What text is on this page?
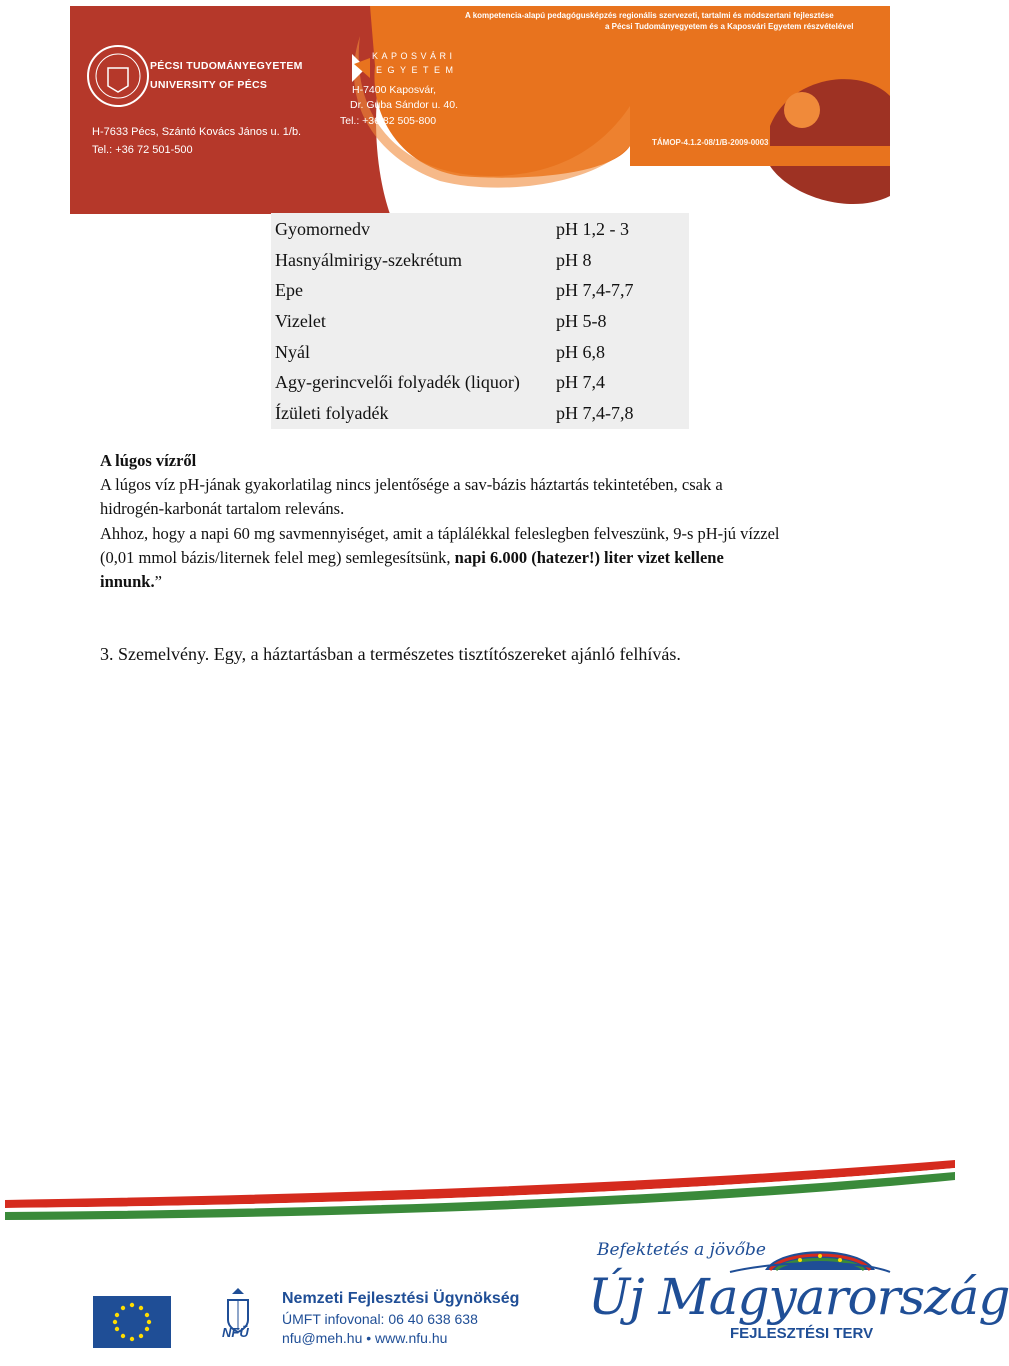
A kompetencia-alapú pedagógusképzés regionális szervezeti, tartalmi és módszertani fejlesztése
a Pécsi Tudományegyetem és a Kaposvári Egyetem részvételével
PÉCSI TUDOMÁNYEGYETEM
UNIVERSITY OF PÉCS
H-7633 Pécs, Szántó Kovács János u. 1/b.
Tel.: +36 72 501-500
KAPOSVÁRI
EGYETEM
H-7400 Kaposvár,
Dr. Guba Sándor u. 40.
Tel.: +36 82 505-800
TÁMOP-4.1.2-08/1/B-2009-0003
Gyomornedv	pH 1,2 - 3
Hasnyálmirigy-szekrétum	pH 8
Epe	pH 7,4-7,7
Vizelet	pH 5-8
Nyál	pH 6,8
Agy-gerincvelői folyadék (liquor) pH 7,4
Ízületi folyadék	pH 7,4-7,8
A lúgos vízről
A lúgos víz pH-jának gyakorlatilag nincs jelentősége a sav-bázis háztartás tekintetében, csak a
hidrogén-karbonát tartalom releváns.
Ahhoz, hogy a napi 60 mg savmennyiséget, amit a táplálékkal feleslegben felveszünk, 9-s pH-jú vízzel
(0,01 mmol bázis/liternek felel meg) semlegesítsünk, napi 6.000 (hatezer!) liter vizet kellene
innunk.”
3. Szemelvény. Egy, a háztartásban a természetes tisztítószereket ajánló felhívás.
NFÜ
Nemzeti Fejlesztési Ügynökség
ÚMFT infovonal: 06 40 638 638
nfu@meh.hu • www.nfu.hu
Befektetés a jövőbe
Új Magyarország
FEJLESZTÉSI TERV
